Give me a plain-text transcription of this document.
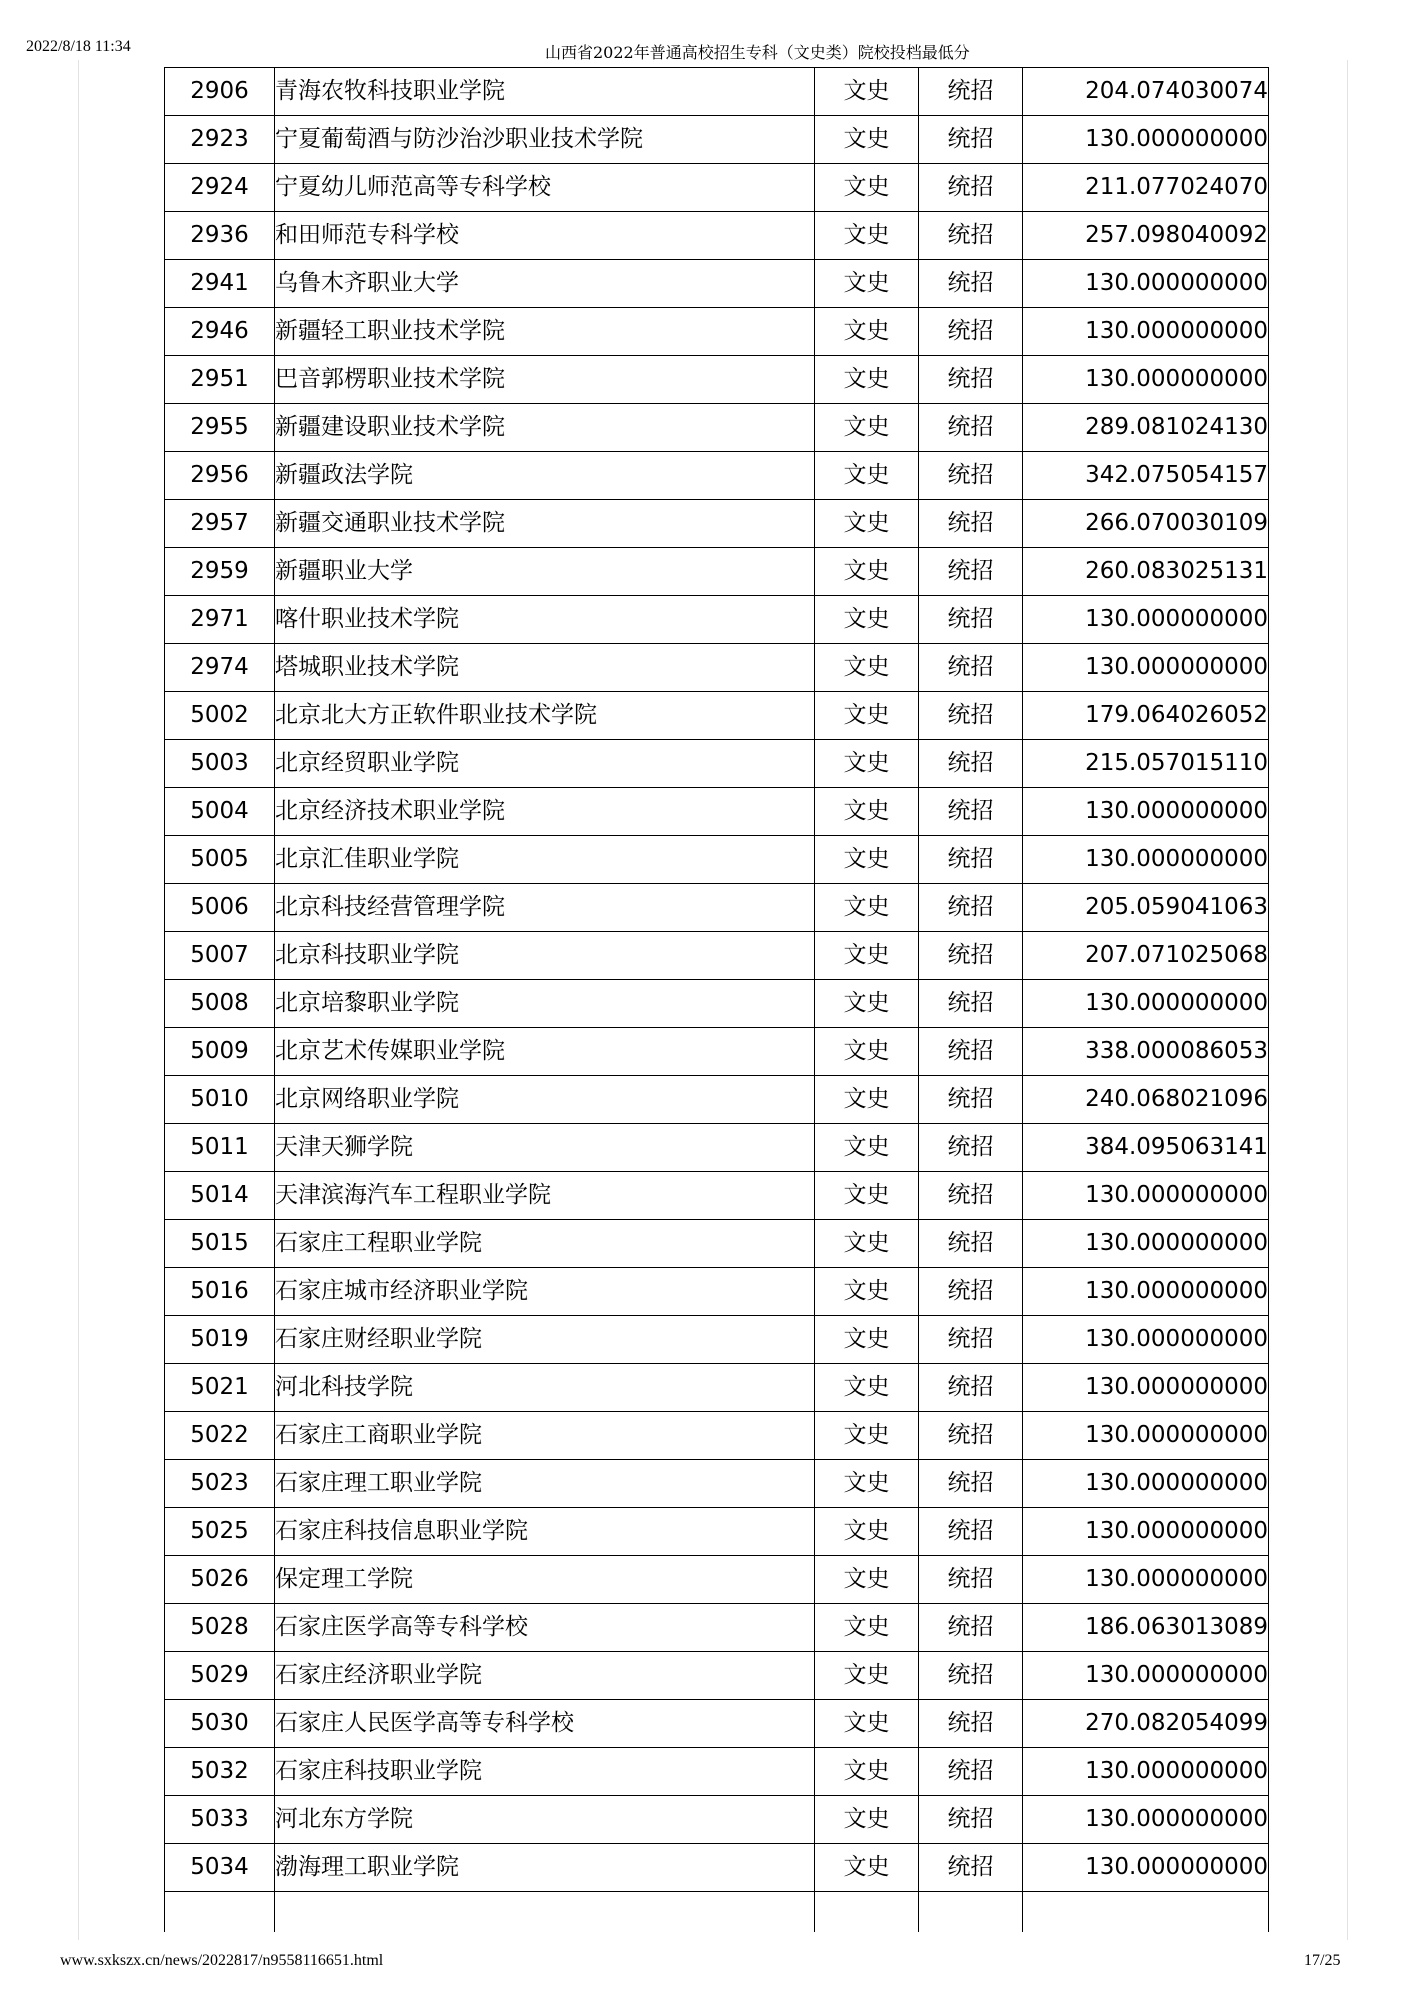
2022/8/18 11:34	山西省2022年普通高校招生专科（文史类）院校投档最低分
2906	青海农牧科技职业学院	文史	统招	204.074030074
2923	宁夏葡萄酒与防沙治沙职业技术学院	文史	统招	130.000000000
2924	宁夏幼儿师范高等专科学校	文史	统招	211.077024070
2936	和田师范专科学校	文史	统招	257.098040092
2941	乌鲁木齐职业大学	文史	统招	130.000000000
2946	新疆轻工职业技术学院	文史	统招	130.000000000
2951	巴音郭楞职业技术学院	文史	统招	130.000000000
2955	新疆建设职业技术学院	文史	统招	289.081024130
2956	新疆政法学院	文史	统招	342.075054157
2957	新疆交通职业技术学院	文史	统招	266.070030109
2959	新疆职业大学	文史	统招	260.083025131
2971	喀什职业技术学院	文史	统招	130.000000000
2974	塔城职业技术学院	文史	统招	130.000000000
5002	北京北大方正软件职业技术学院	文史	统招	179.064026052
5003	北京经贸职业学院	文史	统招	215.057015110
5004	北京经济技术职业学院	文史	统招	130.000000000
5005	北京汇佳职业学院	文史	统招	130.000000000
5006	北京科技经营管理学院	文史	统招	205.059041063
5007	北京科技职业学院	文史	统招	207.071025068
5008	北京培黎职业学院	文史	统招	130.000000000
5009	北京艺术传媒职业学院	文史	统招	338.000086053
5010	北京网络职业学院	文史	统招	240.068021096
5011	天津天狮学院	文史	统招	384.095063141
5014	天津滨海汽车工程职业学院	文史	统招	130.000000000
5015	石家庄工程职业学院	文史	统招	130.000000000
5016	石家庄城市经济职业学院	文史	统招	130.000000000
5019	石家庄财经职业学院	文史	统招	130.000000000
5021	河北科技学院	文史	统招	130.000000000
5022	石家庄工商职业学院	文史	统招	130.000000000
5023	石家庄理工职业学院	文史	统招	130.000000000
5025	石家庄科技信息职业学院	文史	统招	130.000000000
5026	保定理工学院	文史	统招	130.000000000
5028	石家庄医学高等专科学校	文史	统招	186.063013089
5029	石家庄经济职业学院	文史	统招	130.000000000
5030	石家庄人民医学高等专科学校	文史	统招	270.082054099
5032	石家庄科技职业学院	文史	统招	130.000000000
5033	河北东方学院	文史	统招	130.000000000
5034	渤海理工职业学院	文史	统招	130.000000000

www.sxkszx.cn/news/2022817/n9558116651.html	17/25
